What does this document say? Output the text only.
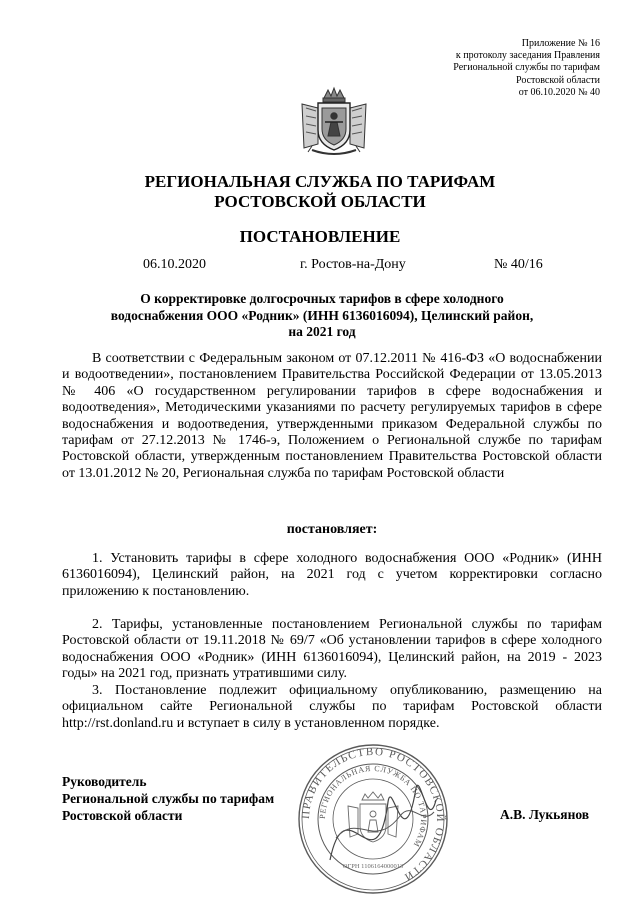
Приложение № 16
к протоколу заседания Правления
Региональной службы по тарифам
Ростовской области
от 06.10.2020 № 40
РЕГИОНАЛЬНАЯ СЛУЖБА ПО ТАРИФАМ
РОСТОВСКОЙ ОБЛАСТИ
ПОСТАНОВЛЕНИЕ
06.10.2020	г. Ростов-на-Дону	№ 40/16
О корректировке долгосрочных тарифов в сфере холодного
водоснабжения ООО «Родник» (ИНН 6136016094), Целинский район,
на 2021 год

В соответствии с Федеральным законом от 07.12.2011 № 416-ФЗ «О водоснабжении и водоотведении», постановлением Правительства Российской Федерации от 13.05.2013 № 406 «О государственном регулировании тарифов в сфере водоснабжения и водоотведения», Методическими указаниями по расчету регулируемых тарифов в сфере водоснабжения и водоотведения, утвержденными приказом Федеральной службы по тарифам от 27.12.2013 № 1746-э, Положением о Региональной службе по тарифам Ростовской области, утвержденным постановлением Правительства Ростовской области от 13.01.2012 № 20, Региональная служба по тарифам Ростовской области

постановляет:

1. Установить тарифы в сфере холодного водоснабжения ООО «Родник» (ИНН 6136016094), Целинский район, на 2021 год с учетом корректировки согласно приложению к постановлению.

2. Тарифы, установленные постановлением Региональной службы по тарифам Ростовской области от 19.11.2018 № 69/7 «Об установлении тарифов в сфере холодного водоснабжения ООО «Родник» (ИНН 6136016094), Целинский район, на 2019 - 2023 годы» на 2021 год, признать утратившими силу.

3. Постановление подлежит официальному опубликованию, размещению на официальном сайте Региональной службы по тарифам Ростовской области http://rst.donland.ru и вступает в силу в установленном порядке.

ПРАВИТЕЛЬСТВО РОСТОВСКОЙ ОБЛАСТИ
РЕГИОНАЛЬНАЯ СЛУЖБА ПО ТАРИФАМ
ОГРН 1106164000013
Руководитель
Региональной службы по тарифам
Ростовской области	А.В. Лукьянов
